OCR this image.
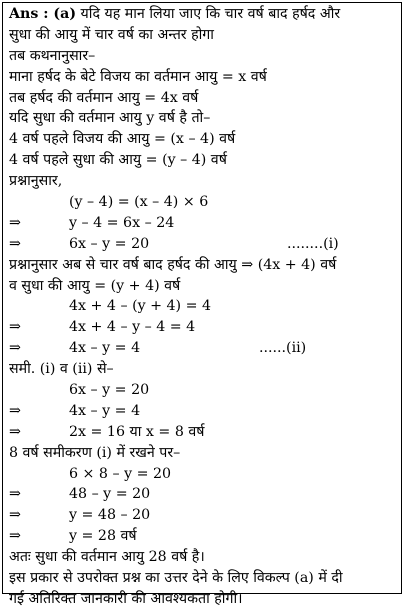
Ans : (a) यदि यह मान लिया जाए कि चार वर्ष बाद हर्षद और
सुधा की आयु में चार वर्ष का अन्तर होगा
तब कथनानुसार–
माना हर्षद के बेटे विजय का वर्तमान आयु = x वर्ष
तब हर्षद की वर्तमान आयु = 4x वर्ष
यदि सुधा की वर्तमान आयु y वर्ष है तो–
4 वर्ष पहले विजय की आयु = (x – 4) वर्ष
4 वर्ष पहले सुधा की आयु = (y – 4) वर्ष
प्रश्नानुसार,
(y – 4) = (x – 4) × 6
⇒	y – 4 = 6x – 24
⇒	6x – y = 20	........(i)
प्रश्नानुसार अब से चार वर्ष बाद हर्षद की आयु ⇒ (4x + 4) वर्ष
व सुधा की आयु = (y + 4) वर्ष
4x + 4 – (y + 4) = 4
⇒	4x + 4 – y – 4 = 4
⇒	4x – y = 4	......(ii)
समी. (i) व (ii) से–
6x – y = 20
⇒	4x – y = 4
⇒	2x = 16 या x = 8 वर्ष
8 वर्ष समीकरण (i) में रखने पर–
6 × 8 – y = 20
⇒	48 – y = 20
⇒	y = 48 – 20
⇒	y = 28 वर्ष
अतः सुधा की वर्तमान आयु 28 वर्ष है।
इस प्रकार से उपरोक्त प्रश्न का उत्तर देने के लिए विकल्प (a) में दी
गई अतिरिक्त जानकारी की आवश्यकता होगी।
